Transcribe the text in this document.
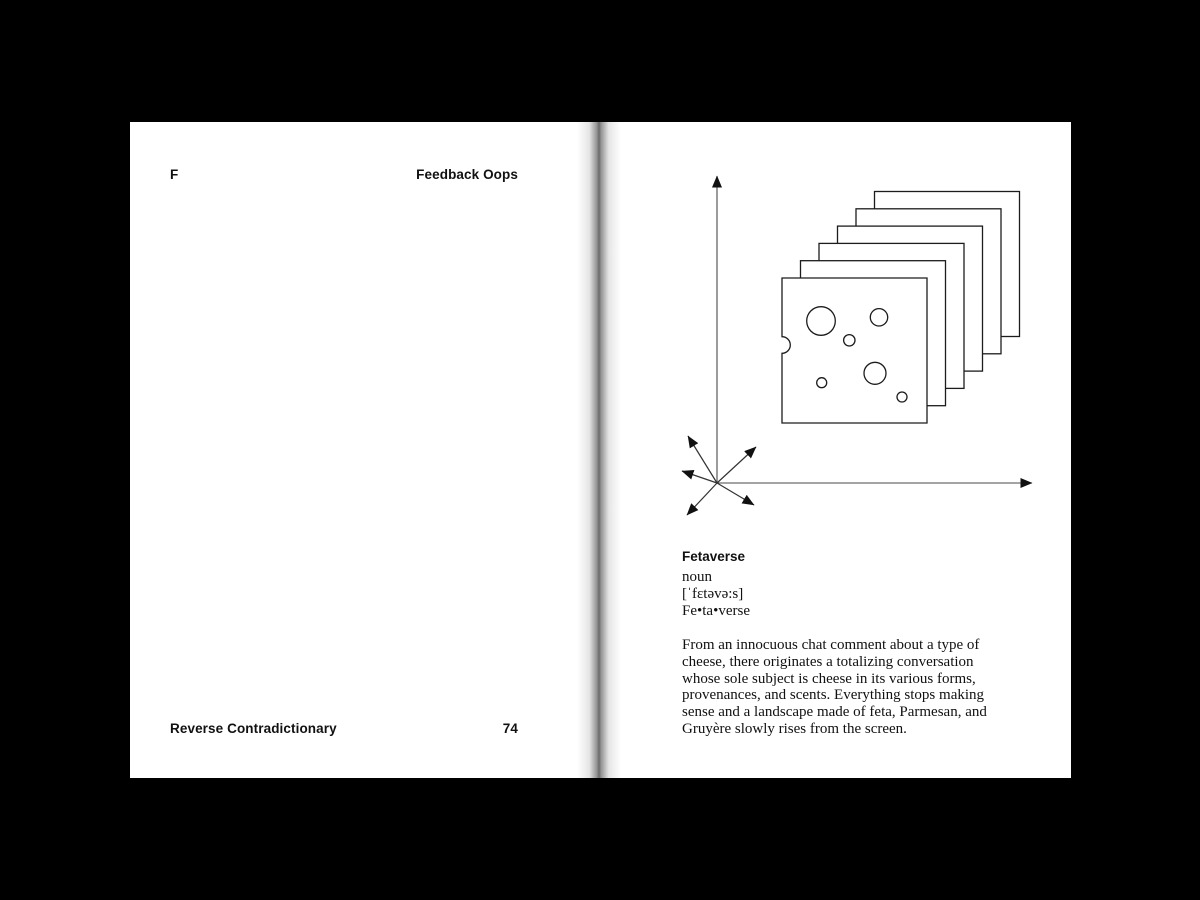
F	Feedback Oops
Reverse Contradictionary	74
Fetaverse
noun
[ˈfɛtəvə:s]
Fe•ta•verse

From an innocuous chat comment about a type of cheese, there originates a totalizing conversation whose sole subject is cheese in its various forms, provenances, and scents. Everything stops making sense and a landscape made of feta, Parmesan, and Gruyère slowly rises from the screen.
